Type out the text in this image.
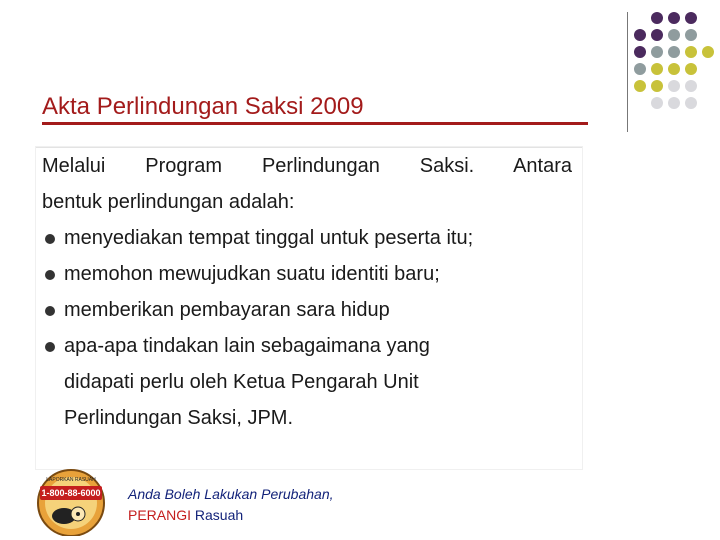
Akta Perlindungan Saksi 2009
Melalui Program Perlindungan Saksi. Antara
bentuk perlindungan adalah:
menyediakan tempat tinggal untuk peserta itu;
memohon mewujudkan suatu identiti baru;
memberikan pembayaran sara hidup
apa-apa tindakan lain sebagaimana yang
didapati perlu oleh Ketua Pengarah Unit
Perlindungan Saksi, JPM.
1-800-88-6000
LAPORKAN RASUAH
Anda Boleh Lakukan Perubahan,
PERANGI Rasuah
